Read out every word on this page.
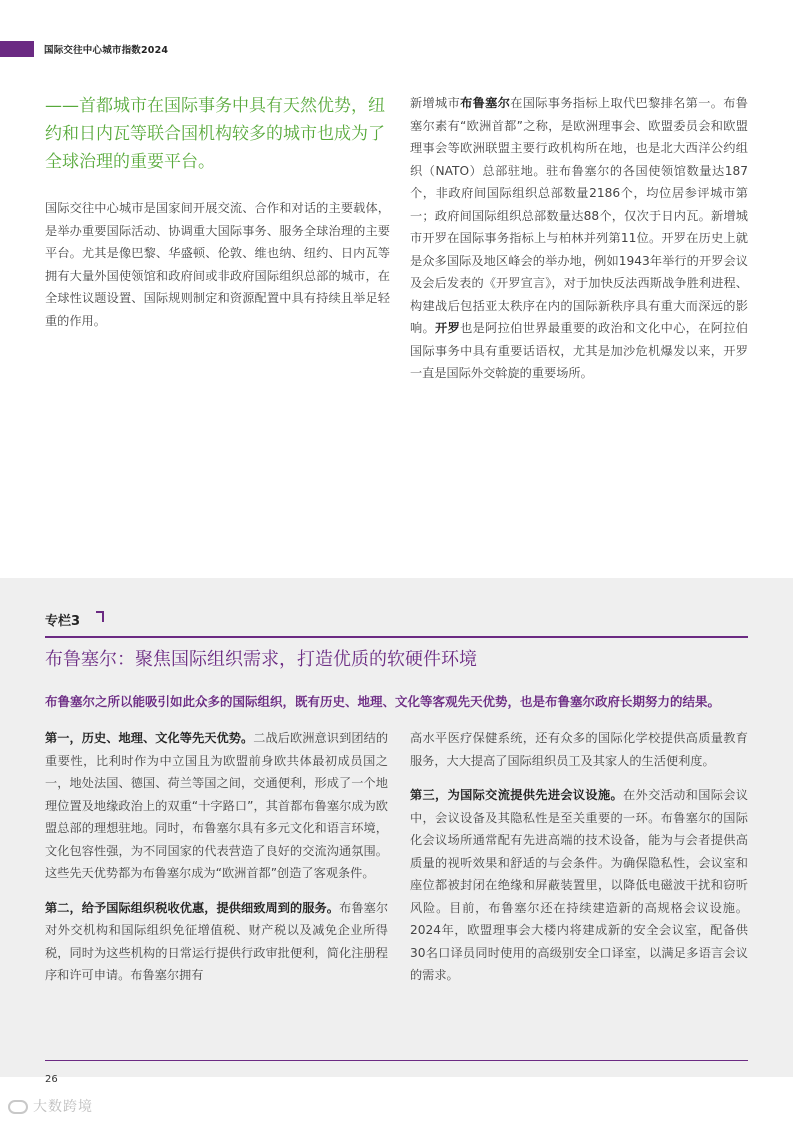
国际交往中心城市指数2024
——首都城市在国际事务中具有天然优势，纽约和日内瓦等联合国机构较多的城市也成为了全球治理的重要平台。
国际交往中心城市是国家间开展交流、合作和对话的主要载体，是举办重要国际活动、协调重大国际事务、服务全球治理的主要平台。尤其是像巴黎、华盛顿、伦敦、维也纳、纽约、日内瓦等拥有大量外国使领馆和政府间或非政府国际组织总部的城市，在全球性议题设置、国际规则制定和资源配置中具有持续且举足轻重的作用。
新增城市布鲁塞尔在国际事务指标上取代巴黎排名第一。布鲁塞尔素有“欧洲首都”之称，是欧洲理事会、欧盟委员会和欧盟理事会等欧洲联盟主要行政机构所在地，也是北大西洋公约组织（NATO）总部驻地。驻布鲁塞尔的各国使领馆数量达187个，非政府间国际组织总部数量2186个，均位居参评城市第一；政府间国际组织总部数量达88个，仅次于日内瓦。新增城市开罗在国际事务指标上与柏林并列第11位。开罗在历史上就是众多国际及地区峰会的举办地，例如1943年举行的开罗会议及会后发表的《开罗宣言》，对于加快反法西斯战争胜利进程、构建战后包括亚太秩序在内的国际新秩序具有重大而深远的影响。开罗也是阿拉伯世界最重要的政治和文化中心，在阿拉伯国际事务中具有重要话语权，尤其是加沙危机爆发以来，开罗一直是国际外交斡旋的重要场所。
专栏3
布鲁塞尔：聚焦国际组织需求，打造优质的软硬件环境
布鲁塞尔之所以能吸引如此众多的国际组织，既有历史、地理、文化等客观先天优势，也是布鲁塞尔政府长期努力的结果。

第一，历史、地理、文化等先天优势。二战后欧洲意识到团结的重要性，比利时作为中立国且为欧盟前身欧共体最初成员国之一，地处法国、德国、荷兰等国之间，交通便利，形成了一个地理位置及地缘政治上的双重“十字路口”，其首都布鲁塞尔成为欧盟总部的理想驻地。同时，布鲁塞尔具有多元文化和语言环境，文化包容性强，为不同国家的代表营造了良好的交流沟通氛围。这些先天优势都为布鲁塞尔成为“欧洲首都”创造了客观条件。

第二，给予国际组织税收优惠，提供细致周到的服务。布鲁塞尔对外交机构和国际组织免征增值税、财产税以及减免企业所得税，同时为这些机构的日常运行提供行政审批便利，简化注册程序和许可申请。布鲁塞尔拥有

高水平医疗保健系统，还有众多的国际化学校提供高质量教育服务，大大提高了国际组织员工及其家人的生活便利度。

第三，为国际交流提供先进会议设施。在外交活动和国际会议中，会议设备及其隐私性是至关重要的一环。布鲁塞尔的国际化会议场所通常配有先进高端的技术设备，能为与会者提供高质量的视听效果和舒适的与会条件。为确保隐私性，会议室和座位都被封闭在绝缘和屏蔽装置里，以降低电磁波干扰和窃听风险。目前，布鲁塞尔还在持续建造新的高规格会议设施。2024年，欧盟理事会大楼内将建成新的安全会议室，配备供30名口译员同时使用的高级别安全口译室，以满足多语言会议的需求。

26
大数跨境
